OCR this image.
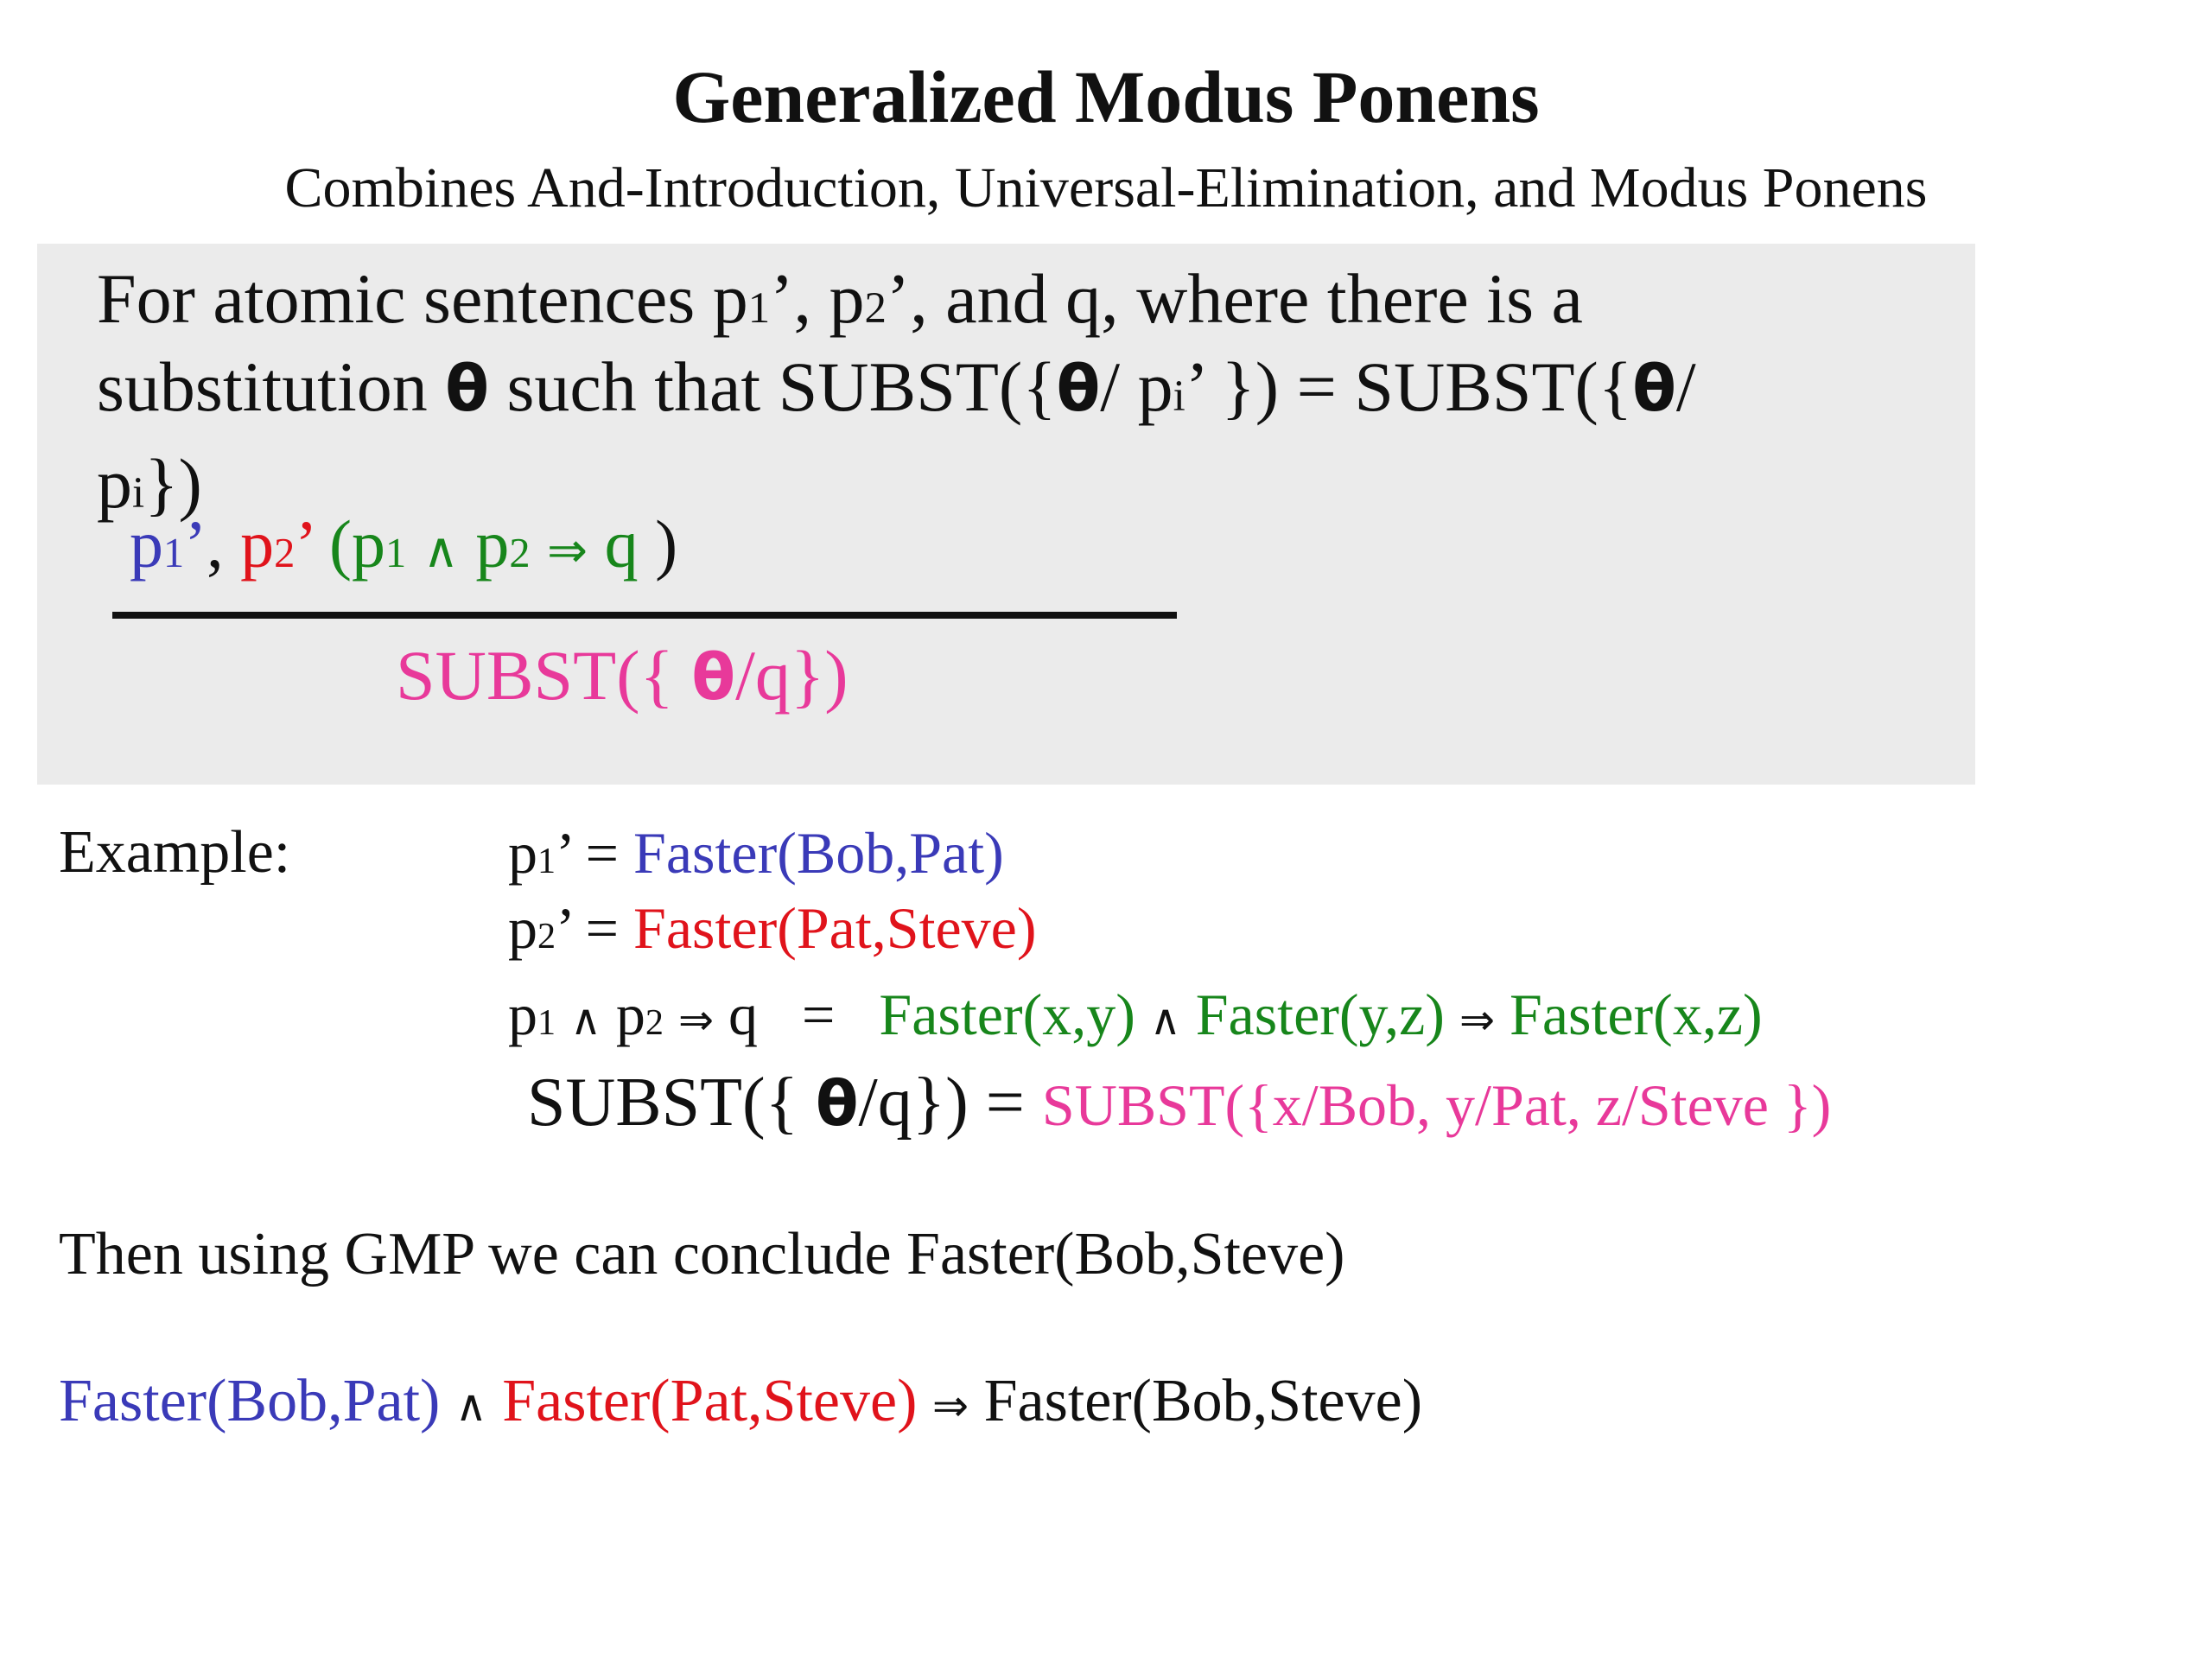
Generalized Modus Ponens
Combines And-Introduction, Universal-Elimination, and Modus Ponens
For atomic sentences p1’, p2’, and q, where there is a
substitution θ such that SUBST({θ/ pi’ }) = SUBST({θ/
pi})
p1’, p2’ (p1 ∧ p2 ⇒ q )
SUBST({ θ/q})
Example:	p1’ = Faster(Bob,Pat)
p2’ = Faster(Pat,Steve)
p1 ∧ p2 ⇒ q = Faster(x,y) ∧ Faster(y,z) ⇒ Faster(x,z)
SUBST({ θ/q}) = SUBST({x/Bob, y/Pat, z/Steve })
Then using GMP we can conclude Faster(Bob,Steve)
Faster(Bob,Pat) ∧ Faster(Pat,Steve) ⇒ Faster(Bob,Steve)
